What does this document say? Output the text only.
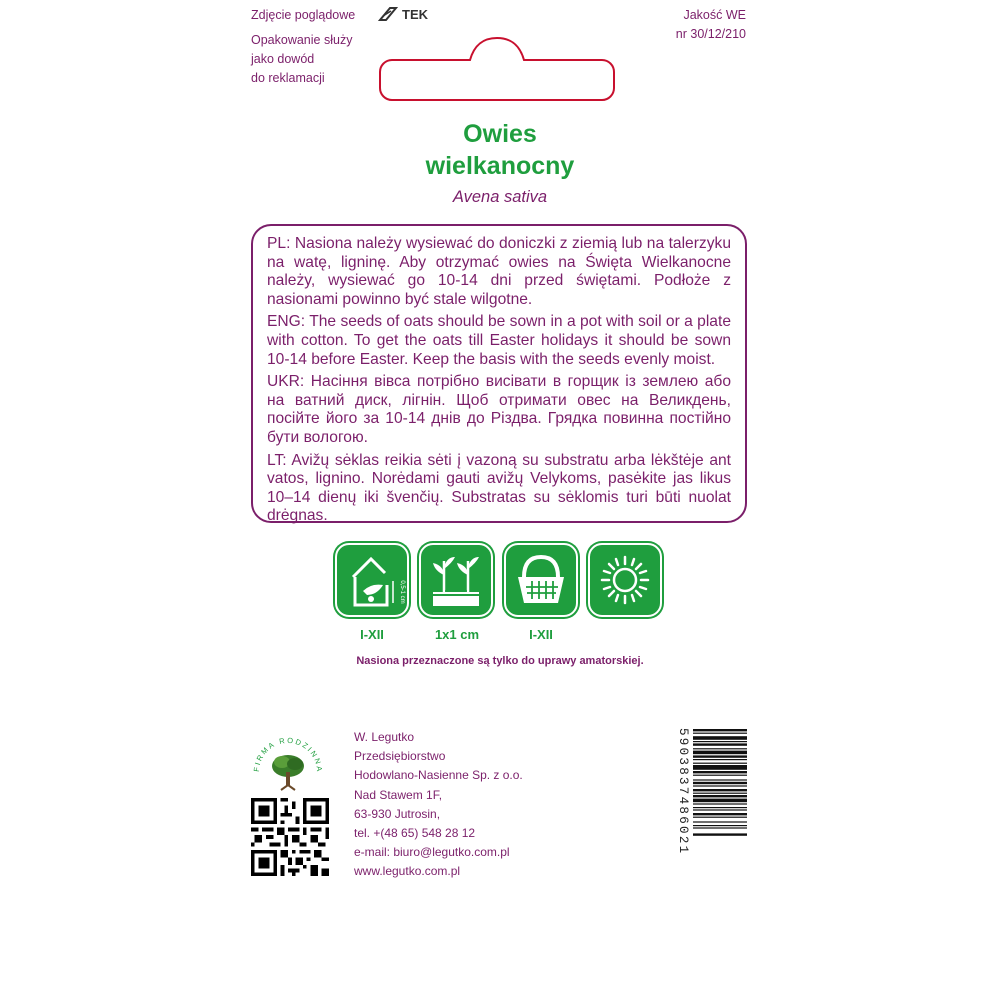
Zdjęcie poglądowe
Opakowanie służy
jako dowód
do reklamacji
TEK	Jakość WE
nr 30/12/210
Owies
wielkanocny
Avena sativa

PL: Nasiona należy wysiewać do doniczki z ziemią lub na talerzyku na watę, ligninę. Aby otrzymać owies na Święta Wielkanocne należy, wysiewać go 10-14 dni przed świętami. Podłoże z nasionami powinno być stale wilgotne.

ENG: The seeds of oats should be sown in a pot with soil or a plate with cotton. To get the oats till Easter holidays it should be sown 10-14 before Easter. Keep the basis with the seeds evenly moist.

UKR: Насіння вівса потрібно висівати в горщик із землею або на ватний диск, лігнін. Щоб отримати овес на Великдень, посійте його за 10-14 днів до Різдва. Грядка повинна постійно бути вологою.

LT: Avižų sėklas reikia sėti į vazoną su substratu arba lėkštėje ant vatos, lignino. Norėdami gauti avižų Velykoms, pasėkite jas likus 10–14 dienų iki švenčių. Substratas su sėklomis turi būti nuolat drėgnas.

0,5-1 cm
I-XII	1x1 cm	I-XII
Nasiona przeznaczone są tylko do uprawy amatorskiej.
FIRMA RODZINNA
W. Legutko
Przedsiębiorstwo
Hodowlano-Nasienne Sp. z o.o.
Nad Stawem 1F,
63-930 Jutrosin,
tel. +(48 65) 548 28 12
e-mail: biuro@legutko.com.pl
www.legutko.com.pl
5903837486021
